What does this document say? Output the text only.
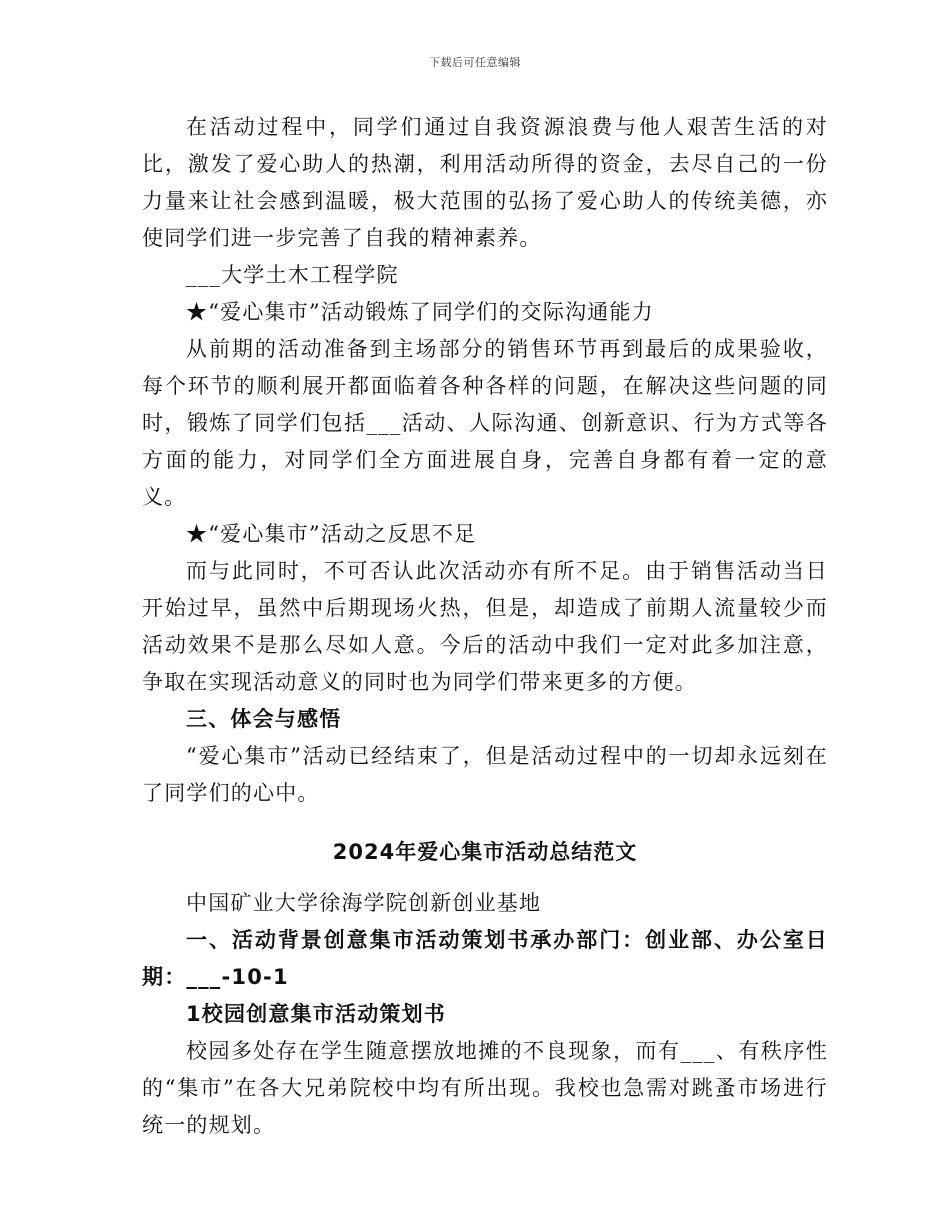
下载后可任意编辑

在活动过程中，同学们通过自我资源浪费与他人艰苦生活的对比，激发了爱心助人的热潮，利用活动所得的资金，去尽自己的一份力量来让社会感到温暖，极大范围的弘扬了爱心助人的传统美德，亦使同学们进一步完善了自我的精神素养。

___大学土木工程学院

★“爱心集市”活动锻炼了同学们的交际沟通能力

从前期的活动准备到主场部分的销售环节再到最后的成果验收，每个环节的顺利展开都面临着各种各样的问题，在解决这些问题的同时，锻炼了同学们包括___活动、人际沟通、创新意识、行为方式等各方面的能力，对同学们全方面进展自身，完善自身都有着一定的意义。

★“爱心集市”活动之反思不足

而与此同时，不可否认此次活动亦有所不足。由于销售活动当日开始过早，虽然中后期现场火热，但是，却造成了前期人流量较少而活动效果不是那么尽如人意。今后的活动中我们一定对此多加注意，争取在实现活动意义的同时也为同学们带来更多的方便。

三、体会与感悟

“爱心集市”活动已经结束了，但是活动过程中的一切却永远刻在了同学们的心中。

2024年爱心集市活动总结范文

中国矿业大学徐海学院创新创业基地

一、活动背景创意集市活动策划书承办部门：创业部、办公室日期：___-10-1

1校园创意集市活动策划书

校园多处存在学生随意摆放地摊的不良现象，而有___、有秩序性的“集市”在各大兄弟院校中均有所出现。我校也急需对跳蚤市场进行统一的规划。
